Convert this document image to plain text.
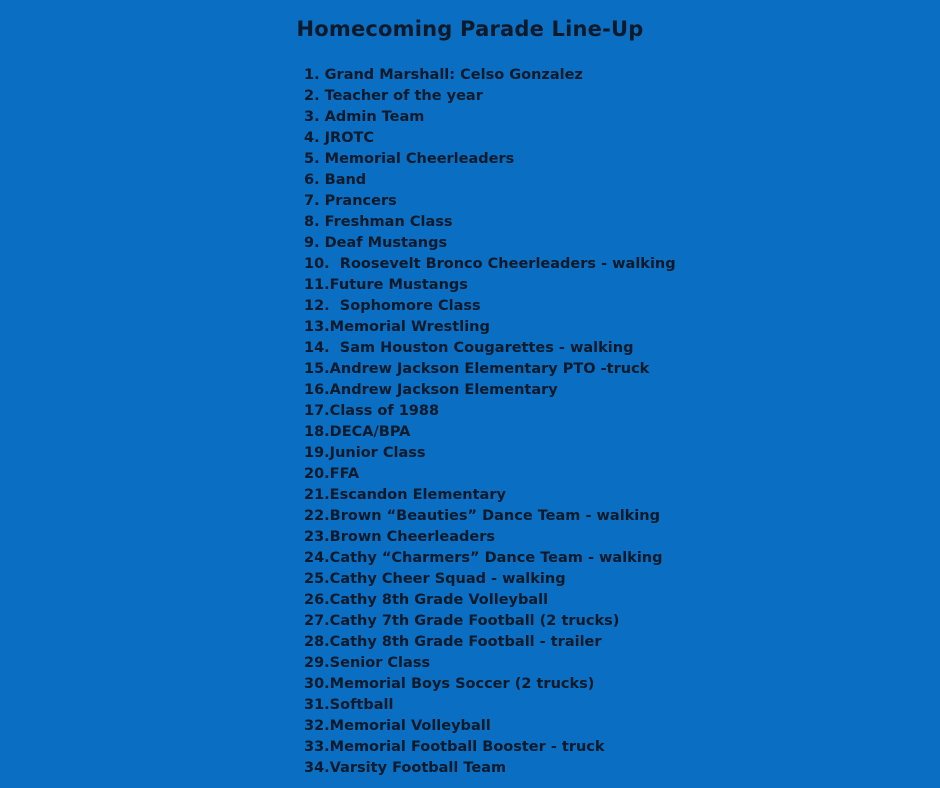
Homecoming Parade Line-Up
1. Grand Marshall: Celso Gonzalez
2. Teacher of the year
3. Admin Team
4. JROTC
5. Memorial Cheerleaders
6. Band
7. Prancers
8. Freshman Class
9. Deaf Mustangs
10.  Roosevelt Bronco Cheerleaders - walking
11.Future Mustangs
12.  Sophomore Class
13.Memorial Wrestling
14.  Sam Houston Cougarettes - walking
15.Andrew Jackson Elementary PTO -truck
16.Andrew Jackson Elementary
17.Class of 1988
18.DECA/BPA
19.Junior Class
20.FFA
21.Escandon Elementary
22.Brown “Beauties” Dance Team - walking
23.Brown Cheerleaders
24.Cathy “Charmers” Dance Team - walking
25.Cathy Cheer Squad - walking
26.Cathy 8th Grade Volleyball
27.Cathy 7th Grade Football (2 trucks)
28.Cathy 8th Grade Football - trailer
29.Senior Class
30.Memorial Boys Soccer (2 trucks)
31.Softball
32.Memorial Volleyball
33.Memorial Football Booster - truck
34.Varsity Football Team
